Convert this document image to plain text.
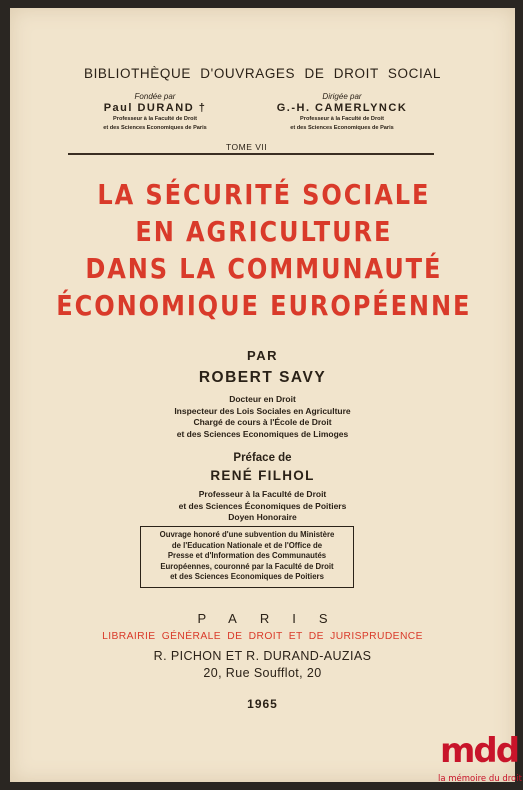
BIBLIOTHÈQUE D'OUVRAGES DE DROIT SOCIAL
Fondée par
Paul DURAND †
Professeur à la Faculté de Droit
et des Sciences Economiques de Paris
Dirigée par
G.-H. CAMERLYNCK
Professeur à la Faculté de Droit
et des Sciences Economiques de Paris
TOME VII
LA SÉCURITÉ SOCIALE
EN AGRICULTURE
DANS LA COMMUNAUTÉ
ÉCONOMIQUE EUROPÉENNE
PAR
ROBERT SAVY
Docteur en Droit
Inspecteur des Lois Sociales en Agriculture
Chargé de cours à l'École de Droit
et des Sciences Economiques de Limoges
Préface de
RENÉ FILHOL
Professeur à la Faculté de Droit
et des Sciences Économiques de Poitiers
Doyen Honoraire
Ouvrage honoré d'une subvention du Ministère
de l'Education Nationale et de l'Office de
Presse et d'Information des Communautés
Européennes, couronné par la Faculté de Droit
et des Sciences Economiques de Poitiers
PARIS
LIBRAIRIE GÉNÉRALE DE DROIT ET DE JURISPRUDENCE
R. PICHON ET R. DURAND-AUZIAS
20, Rue Soufflot, 20
1965
mdd
la mémoire du droit
